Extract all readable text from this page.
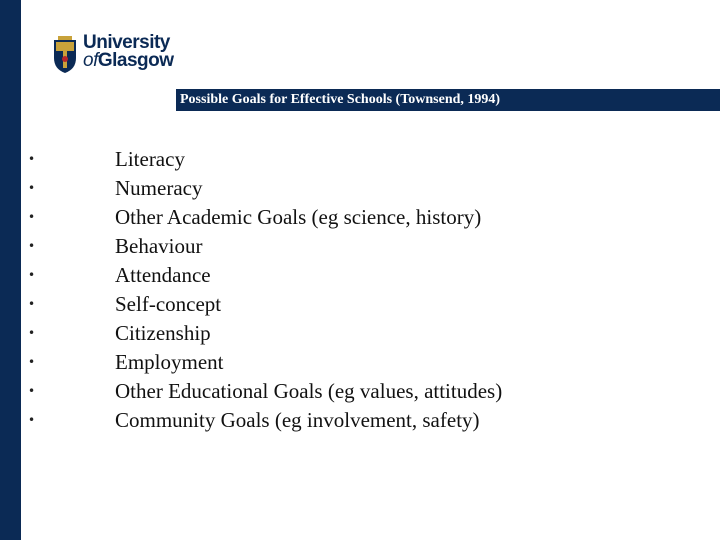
University
ofGlasgow
Possible Goals for Effective Schools (Townsend, 1994)
•	Literacy
•	Numeracy
•	Other Academic Goals (eg science, history)
•	Behaviour
•	Attendance
•	Self-concept
•	Citizenship
•	Employment
•	Other Educational Goals (eg values, attitudes)
•	Community Goals (eg involvement, safety)
